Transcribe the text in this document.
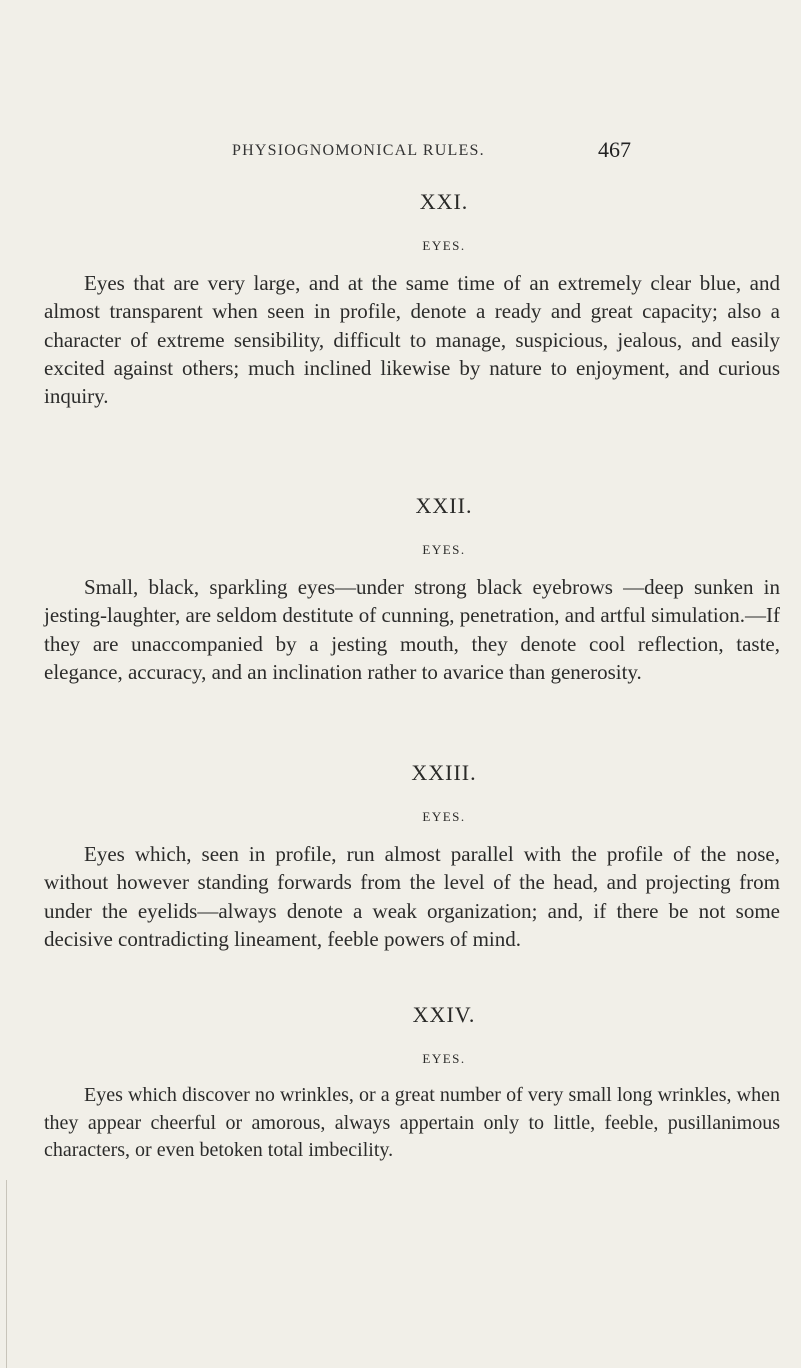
PHYSIOGNOMONICAL RULES.	467
XXI.
EYES.

Eyes that are very large, and at the same time of an extremely clear blue, and almost transparent when seen in profile, denote a ready and great capacity; also a character of extreme sensibility, difficult to manage, suspicious, jealous, and easily excited against others; much inclined likewise by nature to enjoyment, and curious inquiry.

XXII.
EYES.

Small, black, sparkling eyes—under strong black eyebrows —deep sunken in jesting-laughter, are seldom destitute of cunning, penetration, and artful simulation.—If they are unaccompanied by a jesting mouth, they denote cool reflection, taste, elegance, accuracy, and an inclination rather to avarice than generosity.

XXIII.
EYES.

Eyes which, seen in profile, run almost parallel with the profile of the nose, without however standing forwards from the level of the head, and projecting from under the eyelids—always denote a weak organization; and, if there be not some decisive contradicting lineament, feeble powers of mind.

XXIV.
EYES.

Eyes which discover no wrinkles, or a great number of very small long wrinkles, when they appear cheerful or amorous, always appertain only to little, feeble, pusillanimous characters, or even betoken total imbecility.
